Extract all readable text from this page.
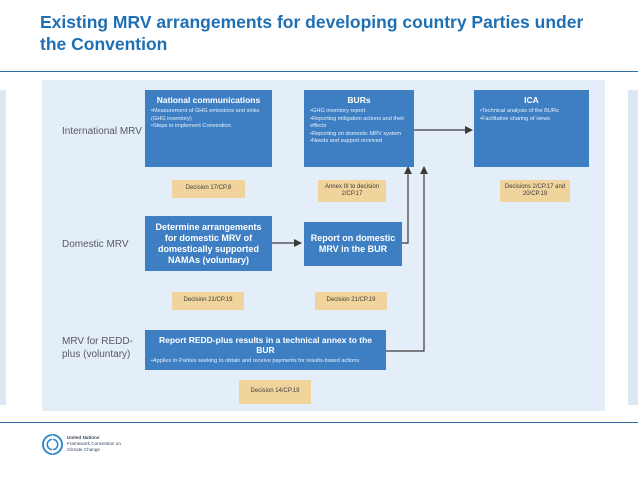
Existing MRV arrangements for developing country Parties under the Convention
International MRV
Domestic MRV
MRV for REDD-plus (voluntary)
National communications
• Measurement of GHG emissions and sinks (GHG inventory)
• Steps to implement Convention
BURs
• GHG inventory report
• Reporting mitigation actions and their effects
• Reporting on domestic MRV system
• Needs and support received
ICA
• Technical analysis of the BURs
• Facilitative sharing of views
Decision 17/CP.8	Annex III to decision 2/CP.17
Decisions 2/CP.17 and 20/CP.19
Determine arrangements for domestic MRV of domestically supported NAMAs (voluntary)
Report on domestic MRV in the BUR
Decision 21/CP.19	Decision 21/CP.19
Report REDD-plus results in a technical annex to the BUR
• Applies to Parties seeking to obtain and receive payments for results-based actions
Decision 14/CP.19
United Nations
Framework Convention on
Climate Change
